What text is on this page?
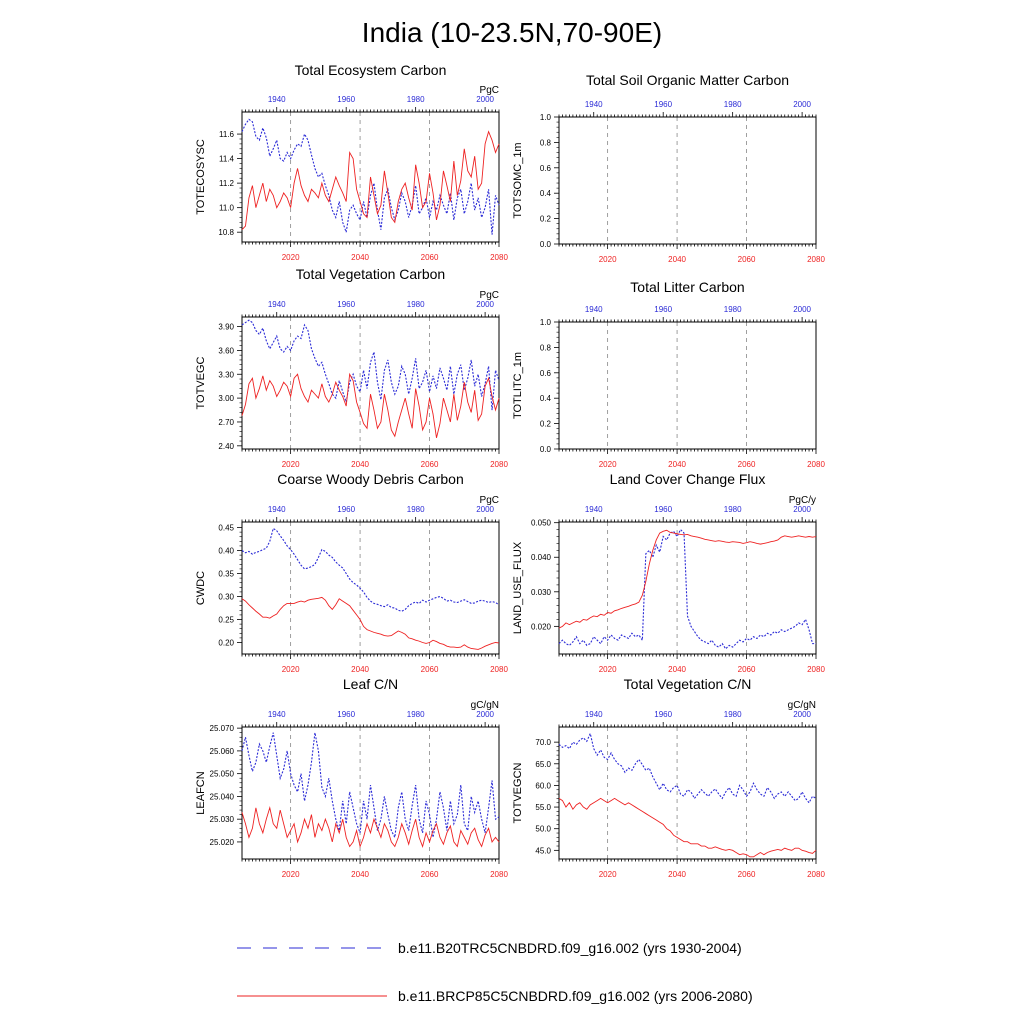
India (10-23.5N,70-90E)
b.e11.B20TRC5CNBDRD.f09_g16.002 (yrs 1930-2004)
b.e11.BRCP85C5CNBDRD.f09_g16.002 (yrs 2006-2080)
Total Ecosystem Carbon
2020	2040	2060	2080
1940	1960	1980	2000
10.8
11.0
11.2
11.4
11.6
TOTECOSYSC
PgC
Total Soil Organic Matter Carbon
2020	2040	2060	2080
1940	1960	1980	2000
0.0
0.2
0.4
0.6
0.8
1.0
TOTSOMC_1m
Total Vegetation Carbon
2020	2040	2060	2080
1940	1960	1980	2000
2.40
2.70
3.00
3.30
3.60
3.90
TOTVEGC
PgC
Total Litter Carbon
2020	2040	2060	2080
1940	1960	1980	2000
0.0
0.2
0.4
0.6
0.8
1.0
TOTLITC_1m
Coarse Woody Debris Carbon
2020	2040	2060	2080
1940	1960	1980	2000
0.20
0.25
0.30
0.35
0.40
0.45
CWDC
PgC
Land Cover Change Flux
2020	2040	2060	2080
1940	1960	1980	2000
0.020
0.030
0.040
0.050
LAND_USE_FLUX
PgC/y
Leaf C/N
2020	2040	2060	2080
1940	1960	1980	2000
25.020
25.030
25.040
25.050
25.060
25.070
LEAFCN
gC/gN
Total Vegetation C/N
2020	2040	2060	2080
1940	1960	1980	2000
45.0
50.0
55.0
60.0
65.0
70.0
TOTVEGCN
gC/gN
